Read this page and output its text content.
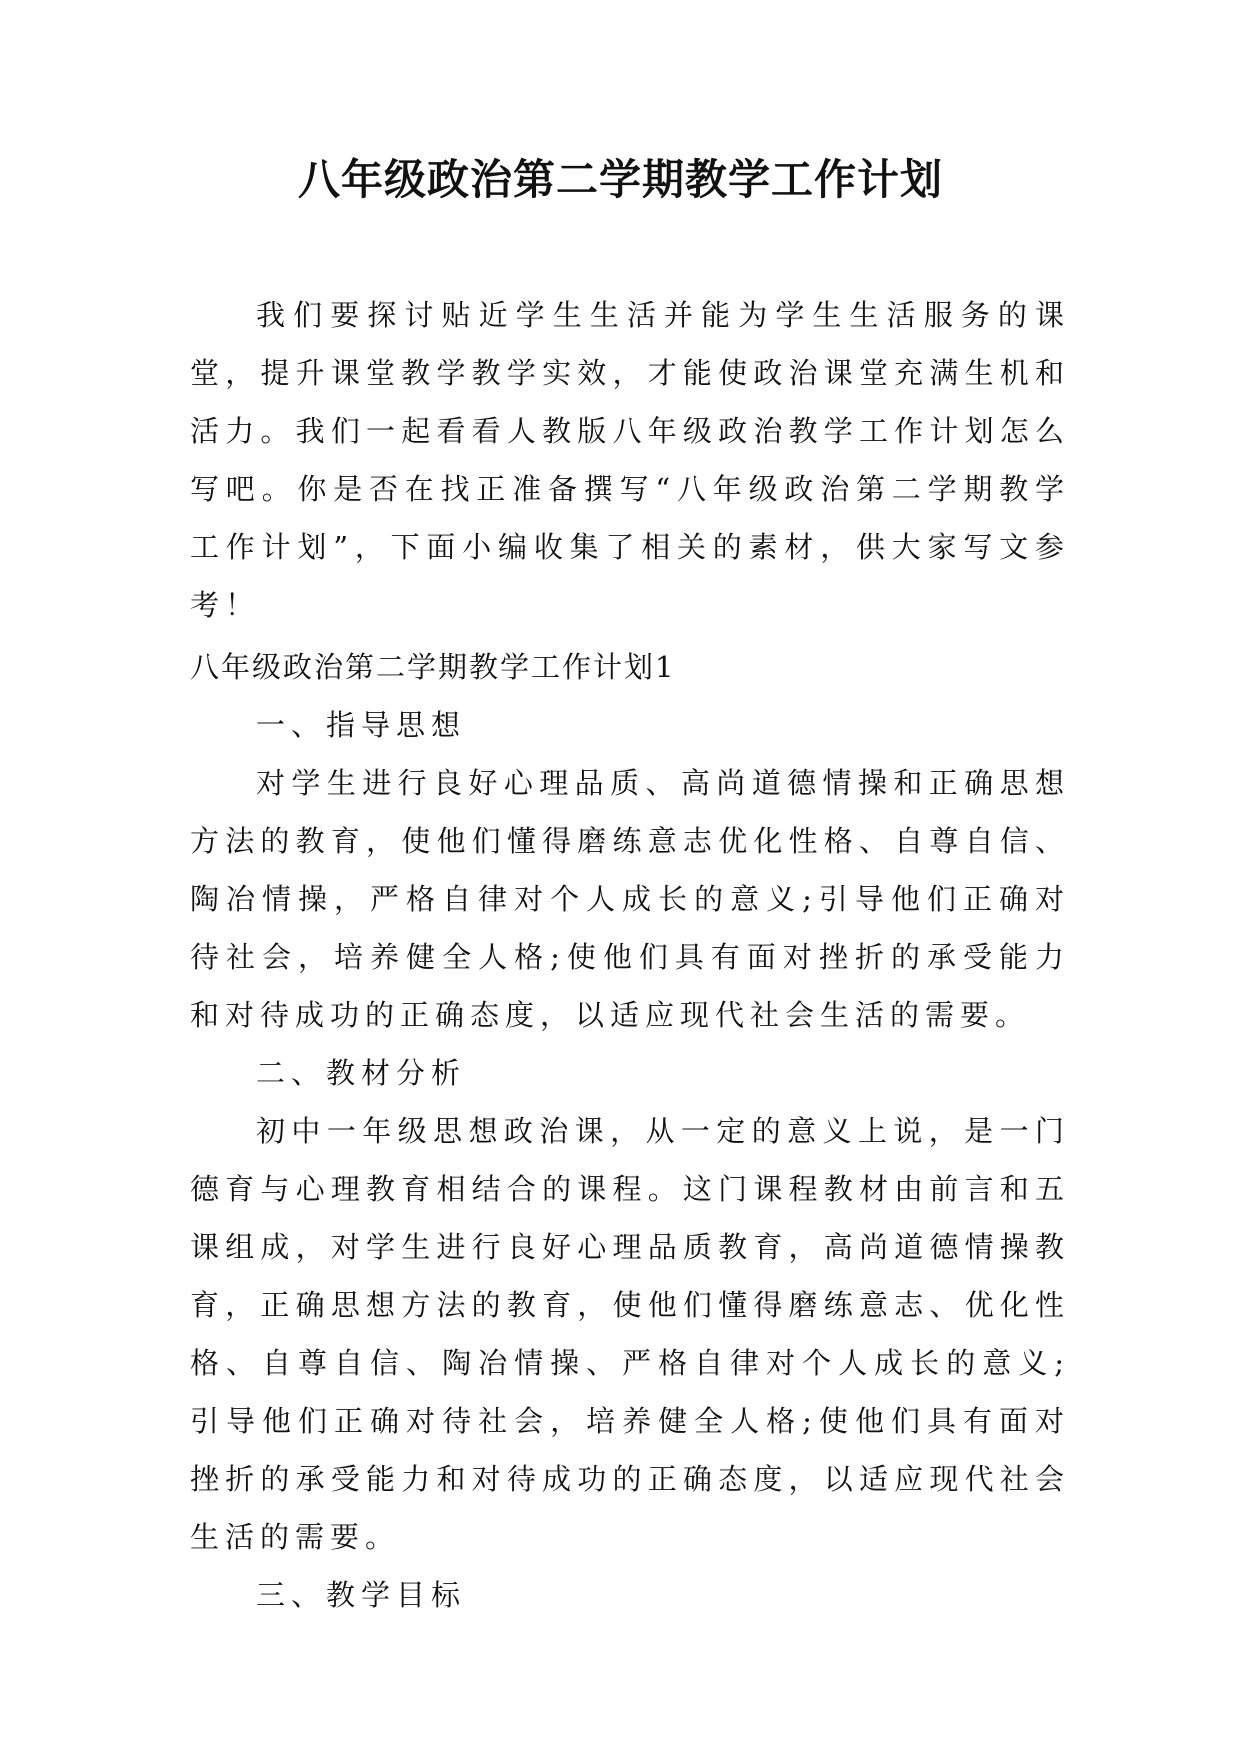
八年级政治第二学期教学工作计划

我们要探讨贴近学生生活并能为学生生活服务的课堂，提升课堂教学教学实效，才能使政治课堂充满生机和活力。我们一起看看人教版八年级政治教学工作计划怎么写吧。你是否在找正准备撰写“八年级政治第二学期教学工作计划”，下面小编收集了相关的素材，供大家写文参考！

八年级政治第二学期教学工作计划1

一、指导思想

对学生进行良好心理品质、高尚道德情操和正确思想方法的教育，使他们懂得磨练意志优化性格、自尊自信、陶冶情操，严格自律对个人成长的意义;引导他们正确对待社会，培养健全人格;使他们具有面对挫折的承受能力和对待成功的正确态度，以适应现代社会生活的需要。

二、教材分析

初中一年级思想政治课，从一定的意义上说，是一门德育与心理教育相结合的课程。这门课程教材由前言和五课组成，对学生进行良好心理品质教育，高尚道德情操教育，正确思想方法的教育，使他们懂得磨练意志、优化性格、自尊自信、陶冶情操、严格自律对个人成长的意义;引导他们正确对待社会，培养健全人格;使他们具有面对挫折的承受能力和对待成功的正确态度，以适应现代社会生活的需要。

三、教学目标
